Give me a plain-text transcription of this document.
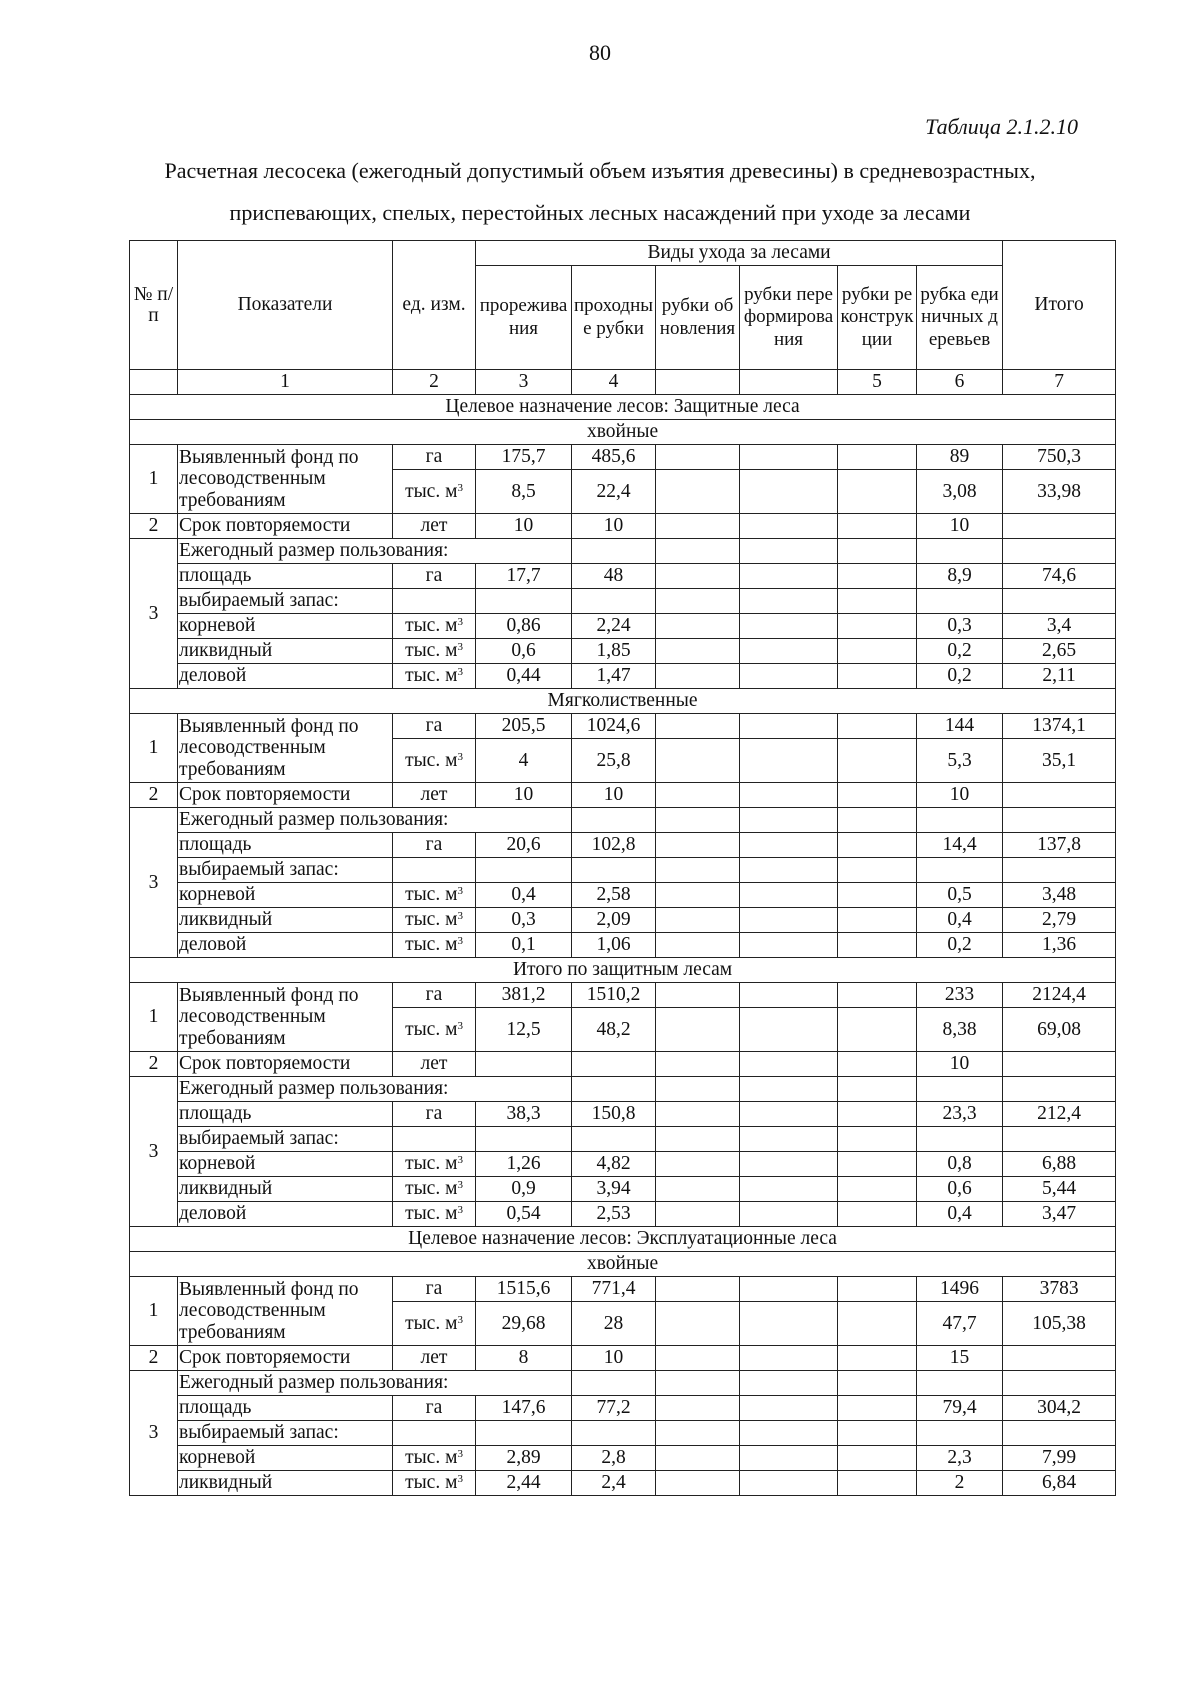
80
Таблица 2.1.2.10
Расчетная лесосека (ежегодный допустимый объем изъятия древесины) в средневозрастных,
приспевающих, спелых, перестойных лесных насаждений при уходе за лесами
№ п/п	Показатели	ед. изм.	Виды ухода за лесами						Итого	
			прореживания	проходные рубки	рубки обновления	рубки переформирования	рубки реконструкции	рубка единичных деревьев		
	1	2	3	4			5	6	7	
Целевое назначение лесов: Защитные леса										
хвойные										
1	Выявленный фонд по
лесоводственным
требованиям	га	175,7	485,6				89	750,3	
		тыс. $м^3$	8,5	22,4				3,08	33,98	
2	Срок повторяемости	лет	10	10				10		
3	Ежегодный размер пользования:									
	площадь	га	17,7	48				8,9	74,6	
	выбираемый запас:									
	корневой	тыс. $м^3$	0,86	2,24				0,3	3,4	
	ликвидный	тыс. $м^3$	0,6	1,85				0,2	2,65	
	деловой	тыс. $м^3$	0,44	1,47				0,2	2,11	
Мягколиственные										
1	Выявленный фонд по
лесоводственным
требованиям	га	205,5	1024,6				144	1374,1	
		тыс. $м^3$	4	25,8				5,3	35,1	
2	Срок повторяемости	лет	10	10				10		
3	Ежегодный размер пользования:									
	площадь	га	20,6	102,8				14,4	137,8	
	выбираемый запас:									
	корневой	тыс. $м^3$	0,4	2,58				0,5	3,48	
	ликвидный	тыс. $м^3$	0,3	2,09				0,4	2,79	
	деловой	тыс. $м^3$	0,1	1,06				0,2	1,36	
Итого по защитным лесам										
1	Выявленный фонд по
лесоводственным
требованиям	га	381,2	1510,2				233	2124,4	
		тыс. $м^3$	12,5	48,2				8,38	69,08	
2	Срок повторяемости	лет						10		
3	Ежегодный размер пользования:									
	площадь	га	38,3	150,8				23,3	212,4	
	выбираемый запас:									
	корневой	тыс. $м^3$	1,26	4,82				0,8	6,88	
	ликвидный	тыс. $м^3$	0,9	3,94				0,6	5,44	
	деловой	тыс. $м^3$	0,54	2,53				0,4	3,47	
Целевое назначение лесов: Эксплуатационные леса										
хвойные										
1	Выявленный фонд по
лесоводственным
требованиям	га	1515,6	771,4				1496	3783	
		тыс. $м^3$	29,68	28				47,7	105,38	
2	Срок повторяемости	лет	8	10				15		
3	Ежегодный размер пользования:									
	площадь	га	147,6	77,2				79,4	304,2	
	выбираемый запас:									
	корневой	тыс. $м^3$	2,89	2,8				2,3	7,99	
	ликвидный	тыс. $м^3$	2,44	2,4				2	6,84	
